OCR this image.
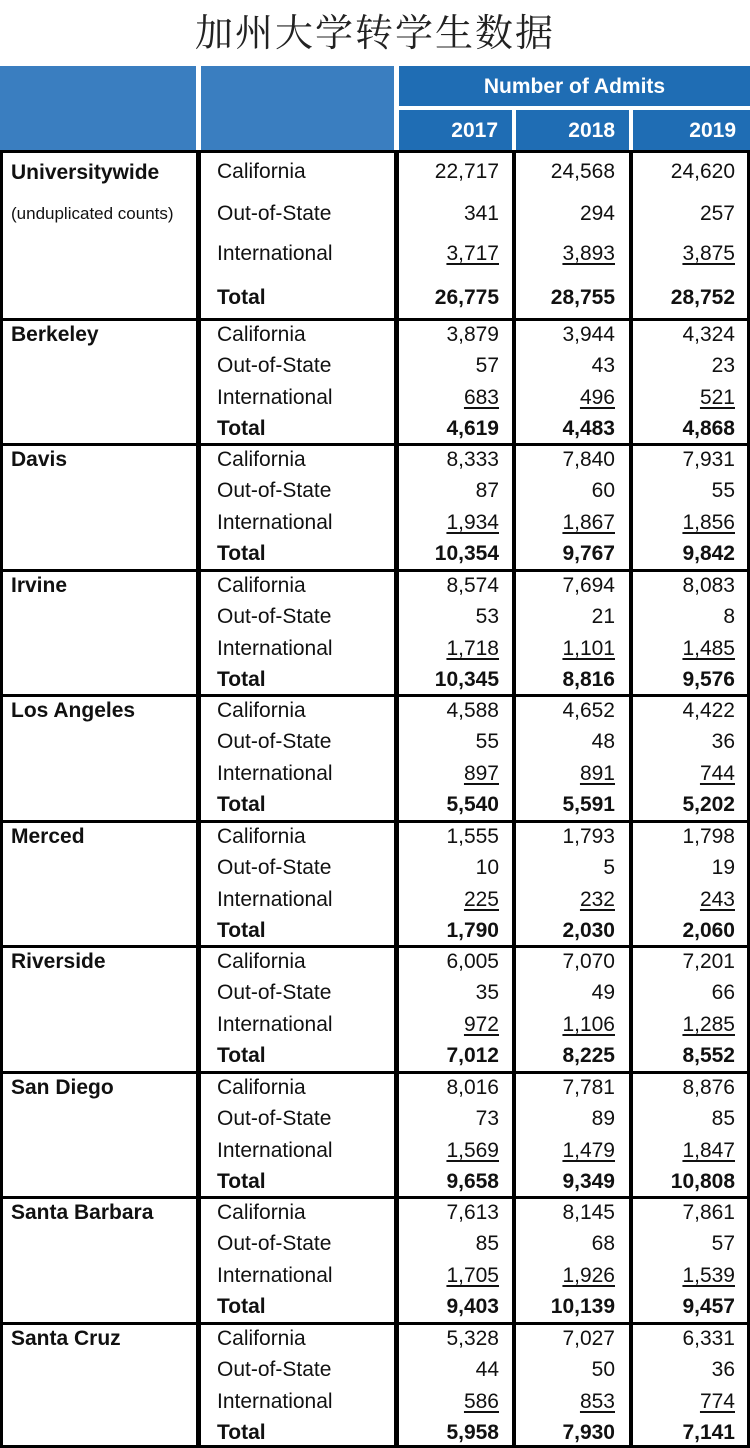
加州大学转学生数据
Number of Admits
2017	2018	2019
Universitywide
(unduplicated counts)
California	22,717 24,568	24,620
Out-of-State	341	294	257
International	3,717	3,893	3,875
Total	26,775 28,755	28,752
Berkeley	California	3,879	3,944	4,324
Out-of-State	57	43	23
International	683	496	521
Total	4,619	4,483	4,868
Davis	California	8,333	7,840	7,931
Out-of-State	87	60	55
International	1,934	1,867	1,856
Total	10,354	9,767	9,842
Irvine	California	8,574	7,694	8,083
Out-of-State	53	21	8
International	1,718	1,101	1,485
Total	10,345	8,816	9,576
Los Angeles	California	4,588	4,652	4,422
Out-of-State	55	48	36
International	897	891	744
Total	5,540	5,591	5,202
Merced	California	1,555	1,793	1,798
Out-of-State	10	5	19
International	225	232	243
Total	1,790	2,030	2,060
Riverside	California	6,005	7,070	7,201
Out-of-State	35	49	66
International	972	1,106	1,285
Total	7,012	8,225	8,552
San Diego	California	8,016	7,781	8,876
Out-of-State	73	89	85
International	1,569	1,479	1,847
Total	9,658	9,349	10,808
Santa Barbara	California	7,613	8,145	7,861
Out-of-State	85	68	57
International	1,705	1,926	1,539
Total	9,403 10,139	9,457
Santa Cruz	California	5,328	7,027	6,331
Out-of-State	44	50	36
International	586	853	774
Total	5,958	7,930	7,141
